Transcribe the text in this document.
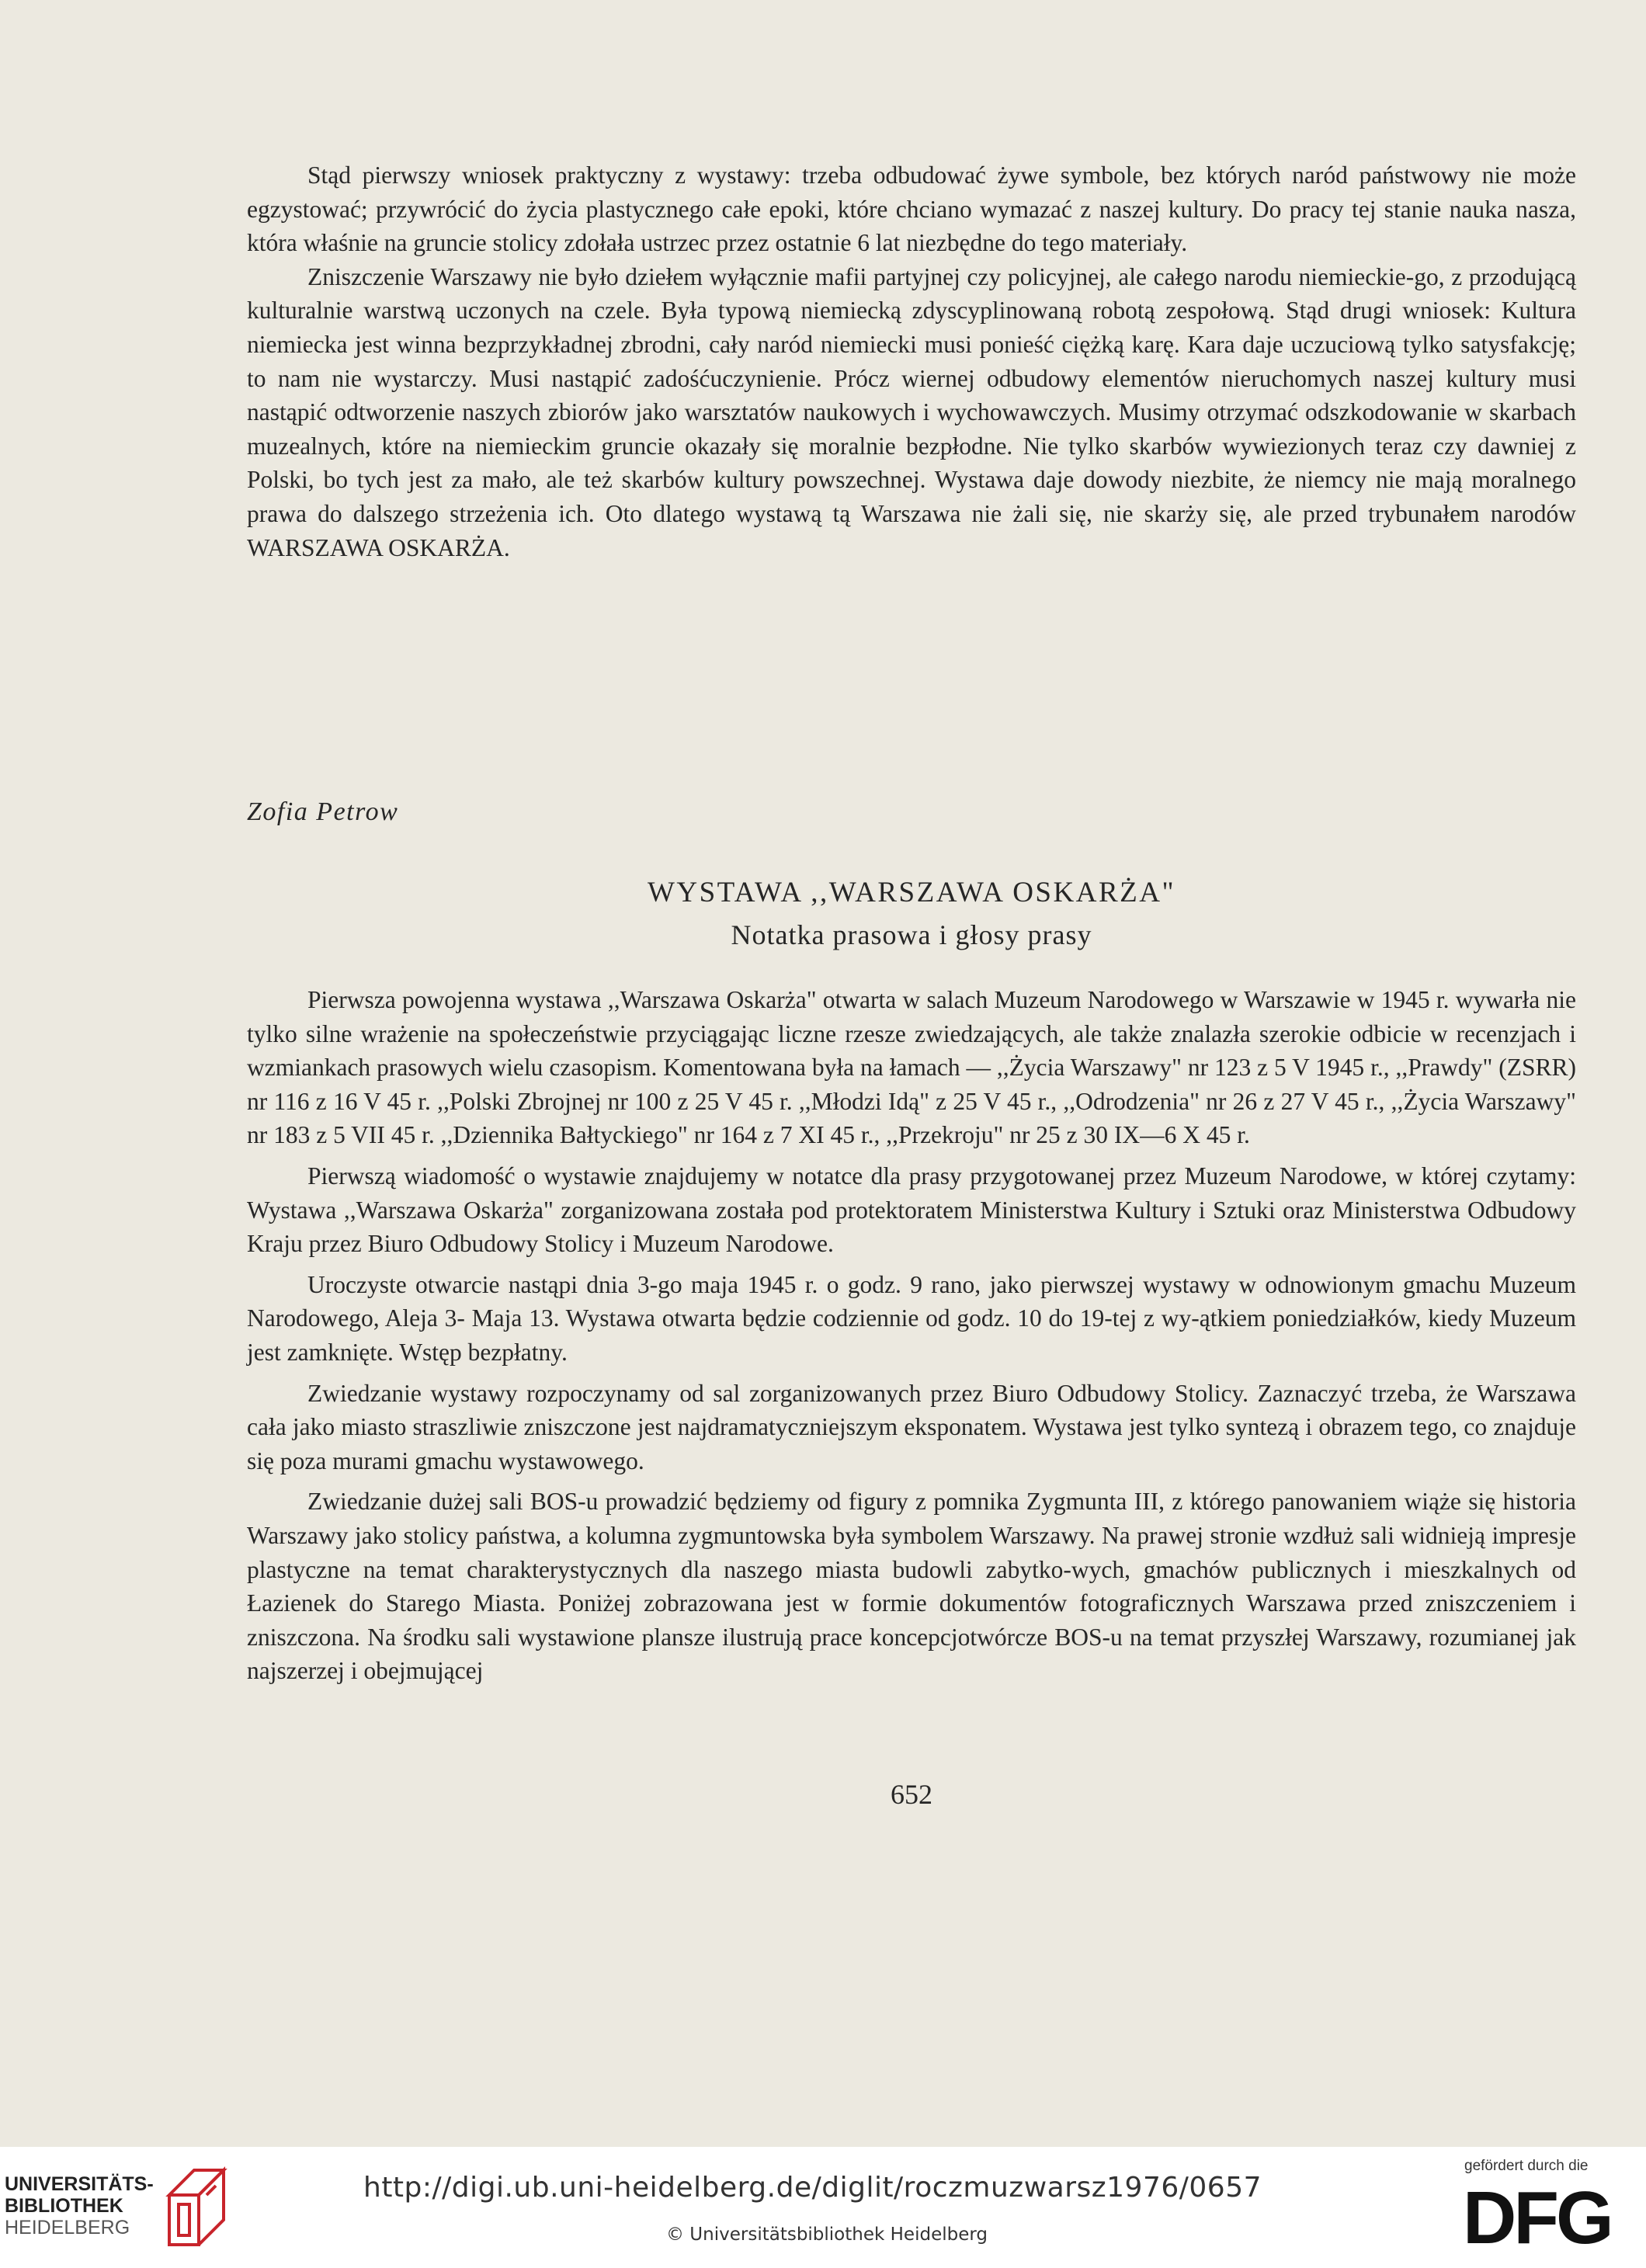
Stąd pierwszy wniosek praktyczny z wystawy: trzeba odbudować żywe symbole, bez których naród państwowy nie może egzystować; przywrócić do życia plastycznego całe epoki, które chciano wymazać z naszej kultury. Do pracy tej stanie nauka nasza, która właśnie na gruncie stolicy zdołała ustrzec przez ostatnie 6 lat niezbędne do tego materiały.

Zniszczenie Warszawy nie było dziełem wyłącznie mafii partyjnej czy policyjnej, ale całego narodu niemieckie-go, z przodującą kulturalnie warstwą uczonych na czele. Była typową niemiecką zdyscyplinowaną robotą zespołową. Stąd drugi wniosek: Kultura niemiecka jest winna bezprzykładnej zbrodni, cały naród niemiecki musi ponieść ciężką karę. Kara daje uczuciową tylko satysfakcję; to nam nie wystarczy. Musi nastąpić zadośćuczynienie. Prócz wiernej odbudowy elementów nieruchomych naszej kultury musi nastąpić odtworzenie naszych zbiorów jako warsztatów naukowych i wychowawczych. Musimy otrzymać odszkodowanie w skarbach muzealnych, które na niemieckim gruncie okazały się moralnie bezpłodne. Nie tylko skarbów wywiezionych teraz czy dawniej z Polski, bo tych jest za mało, ale też skarbów kultury powszechnej. Wystawa daje dowody niezbite, że niemcy nie mają moralnego prawa do dalszego strzeżenia ich. Oto dlatego wystawą tą Warszawa nie żali się, nie skarży się, ale przed trybunałem narodów WARSZAWA OSKARŻA.

Zofia Petrow
WYSTAWA ,,WARSZAWA OSKARŻA"
Notatka prasowa i głosy prasy

Pierwsza powojenna wystawa ,,Warszawa Oskarża" otwarta w salach Muzeum Narodowego w Warszawie w 1945 r. wywarła nie tylko silne wrażenie na społeczeństwie przyciągając liczne rzesze zwiedzających, ale także znalazła szerokie odbicie w recenzjach i wzmiankach prasowych wielu czasopism. Komentowana była na łamach — ,,Życia Warszawy" nr 123 z 5 V 1945 r., ,,Prawdy" (ZSRR) nr 116 z 16 V 45 r. ,,Polski Zbrojnej nr 100 z 25 V 45 r. ,,Młodzi Idą" z 25 V 45 r., ,,Odrodzenia" nr 26 z 27 V 45 r., ,,Życia Warszawy" nr 183 z 5 VII 45 r. ,,Dziennika Bałtyckiego" nr 164 z 7 XI 45 r., ,,Przekroju" nr 25 z 30 IX—6 X 45 r.

Pierwszą wiadomość o wystawie znajdujemy w notatce dla prasy przygotowanej przez Muzeum Narodowe, w której czytamy: Wystawa ,,Warszawa Oskarża" zorganizowana została pod protektoratem Ministerstwa Kultury i Sztuki oraz Ministerstwa Odbudowy Kraju przez Biuro Odbudowy Stolicy i Muzeum Narodowe.

Uroczyste otwarcie nastąpi dnia 3-go maja 1945 r. o godz. 9 rano, jako pierwszej wystawy w odnowionym gmachu Muzeum Narodowego, Aleja 3- Maja 13. Wystawa otwarta będzie codziennie od godz. 10 do 19-tej z wy-ątkiem poniedziałków, kiedy Muzeum jest zamknięte. Wstęp bezpłatny.

Zwiedzanie wystawy rozpoczynamy od sal zorganizowanych przez Biuro Odbudowy Stolicy. Zaznaczyć trzeba, że Warszawa cała jako miasto straszliwie zniszczone jest najdramatyczniejszym eksponatem. Wystawa jest tylko syntezą i obrazem tego, co znajduje się poza murami gmachu wystawowego.

Zwiedzanie dużej sali BOS-u prowadzić będziemy od figury z pomnika Zygmunta III, z którego panowaniem wiąże się historia Warszawy jako stolicy państwa, a kolumna zygmuntowska była symbolem Warszawy. Na prawej stronie wzdłuż sali widnieją impresje plastyczne na temat charakterystycznych dla naszego miasta budowli zabytko-wych, gmachów publicznych i mieszkalnych od Łazienek do Starego Miasta. Poniżej zobrazowana jest w formie dokumentów fotograficznych Warszawa przed zniszczeniem i zniszczona. Na środku sali wystawione plansze ilustrują prace koncepcjotwórcze BOS-u na temat przyszłej Warszawy, rozumianej jak najszerzej i obejmującej

652
UNIVERSITÄTS-
BIBLIOTHEK
HEIDELBERG
http://digi.ub.uni-heidelberg.de/diglit/roczmuzwarsz1976/0657
© Universitätsbibliothek Heidelberg
gefördert durch die
DFG
